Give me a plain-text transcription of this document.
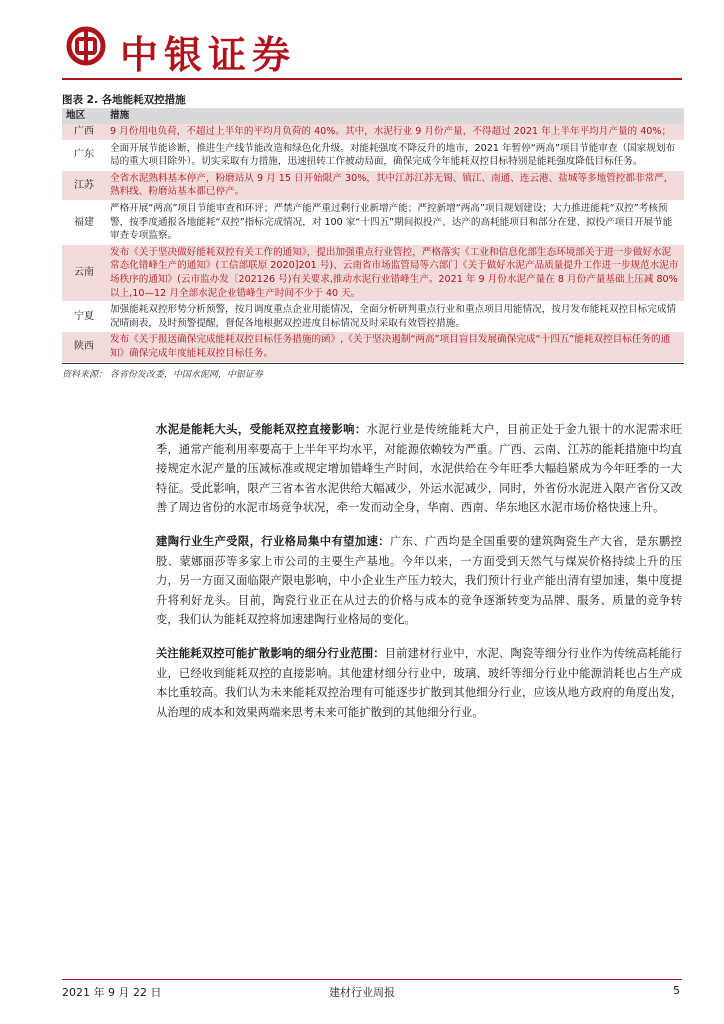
中银证券
图表 2. 各地能耗双控措施
地区	措施
广西	9 月份用电负荷，不超过上半年的平均月负荷的 40%。其中，水泥行业 9 月份产量，不得超过 2021 年上半年平均月产量的 40%；
广东	全面开展节能诊断，推进生产线节能改造和绿色化升级。对能耗强度不降反升的地市，2021 年暂停“两高”项目节能审查（国家规划布局的重大项目除外）。切实采取有力措施，迅速扭转工作被动局面，确保完成今年能耗双控目标特别是能耗强度降低目标任务。
江苏	全省水泥熟料基本停产，粉磨站从 9 月 15 日开始限产 30%，其中江苏江苏无锡、镇江、南通、连云港、盐城等多地管控都非常严，熟料线、粉磨站基本都已停产。
福建	严格开展“两高”项目节能审查和环评；严禁产能严重过剩行业新增产能；严控新增“两高”项目规划建设；大力推进能耗“双控”考核预警，按季度通报各地能耗“双控”指标完成情况，对 100 家“十四五”期间拟投产、达产的高耗能项目和部分在建、拟投产项目开展节能审查专项监察。
云南	发布《关于坚决做好能耗双控有关工作的通知》，提出加强重点行业管控，严格落实《工业和信息化部生态环境部关于进一步做好水泥常态化错峰生产的通知》(工信部联原 2020]201 号)、云南省市场监管局等六部门《关于做好水泥产品质量提升工作进一步规范水泥市场秩序的通知》(云市监办发〔202126 号)有关要求,推动水泥行业错峰生产。2021 年 9 月份水泥产量在 8 月份产量基础上压减 80%以上,10—12 月全部水泥企业错峰生产时间不少于 40 天。
宁夏	加强能耗双控形势分析预警，按月调度重点企业用能情况，全面分析研判重点行业和重点项目用能情况，按月发布能耗双控目标完成情况晴雨表，及时预警提醒，督促各地根据双控进度目标情况及时采取有效管控措施。
陕西	发布《关于报送确保完成能耗双控目标任务措施的函》,《关于坚决遏制“两高”项目盲目发展确保完成“十四五”能耗双控目标任务的通知》确保完成年度能耗双控目标任务。
资料来源： 各省份发改委，中国水泥网，中银证券

水泥是能耗大头，受能耗双控直接影响：水泥行业是传统能耗大户，目前正处于金九银十的水泥需求旺季，通常产能利用率要高于上半年平均水平，对能源依赖较为严重。广西、云南、江苏的能耗措施中均直接规定水泥产量的压减标准或规定增加错峰生产时间，水泥供给在今年旺季大幅趋紧成为今年旺季的一大特征。受此影响，限产三省本省水泥供给大幅减少，外运水泥减少，同时，外省份水泥进入限产省份又改善了周边省份的水泥市场竞争状况，牵一发而动全身，华南、西南、华东地区水泥市场价格快速上升。

建陶行业生产受限，行业格局集中有望加速：广东、广西均是全国重要的建筑陶瓷生产大省，是东鹏控股、蒙娜丽莎等多家上市公司的主要生产基地。今年以来，一方面受到天然气与煤炭价格持续上升的压力，另一方面又面临限产限电影响，中小企业生产压力较大，我们预计行业产能出清有望加速，集中度提升将利好龙头。目前，陶瓷行业正在从过去的价格与成本的竞争逐渐转变为品牌、服务、质量的竞争转变，我们认为能耗双控将加速建陶行业格局的变化。

关注能耗双控可能扩散影响的细分行业范围：目前建材行业中，水泥、陶瓷等细分行业作为传统高耗能行业，已经收到能耗双控的直接影响。其他建材细分行业中，玻璃、玻纤等细分行业中能源消耗也占生产成本比重较高。我们认为未来能耗双控治理有可能逐步扩散到其他细分行业，应该从地方政府的角度出发，从治理的成本和效果两端来思考未来可能扩散到的其他细分行业。

2021 年 9 月 22 日	建材行业周报	5
